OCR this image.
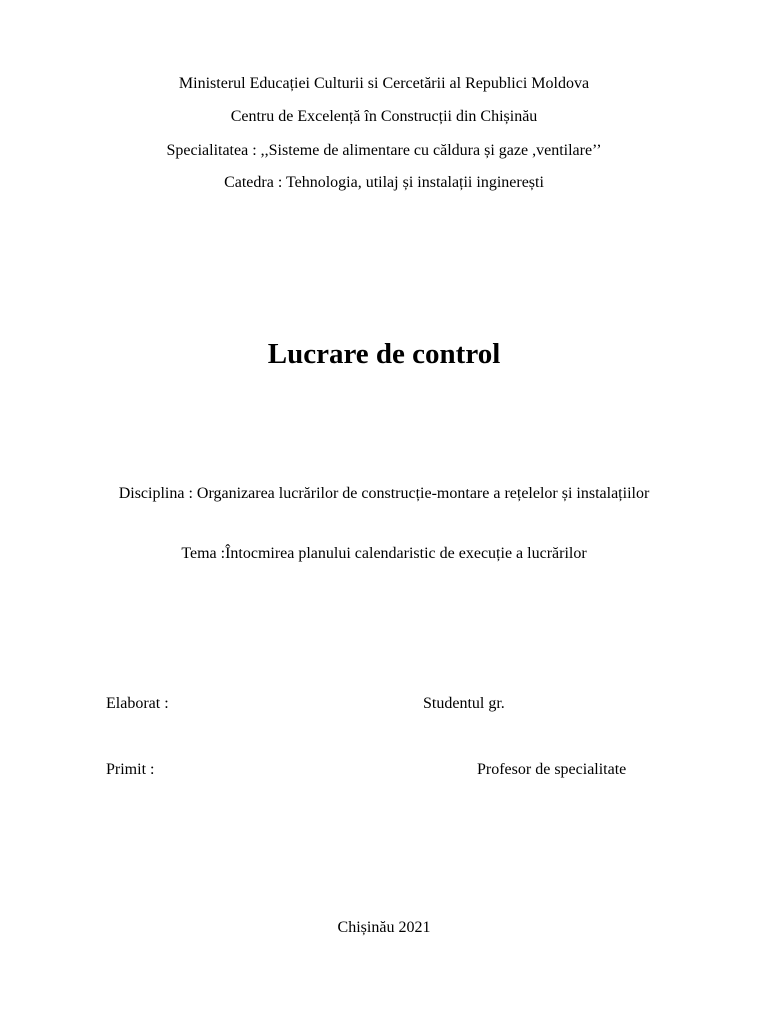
Ministerul Educației Culturii si Cercetării al Republici Moldova
Centru de Excelență în Construcții din Chișinău
Specialitatea : ,,Sisteme de alimentare cu căldura și gaze ,ventilare’’
Catedra : Tehnologia, utilaj și instalații inginerești
Lucrare de control
Disciplina : Organizarea lucrărilor de construcție-montare a rețelelor și instalațiilor
Tema :Întocmirea planului calendaristic de execuție a lucrărilor
Elaborat :	Studentul gr.
Primit :	Profesor de specialitate
Chișinău 2021
